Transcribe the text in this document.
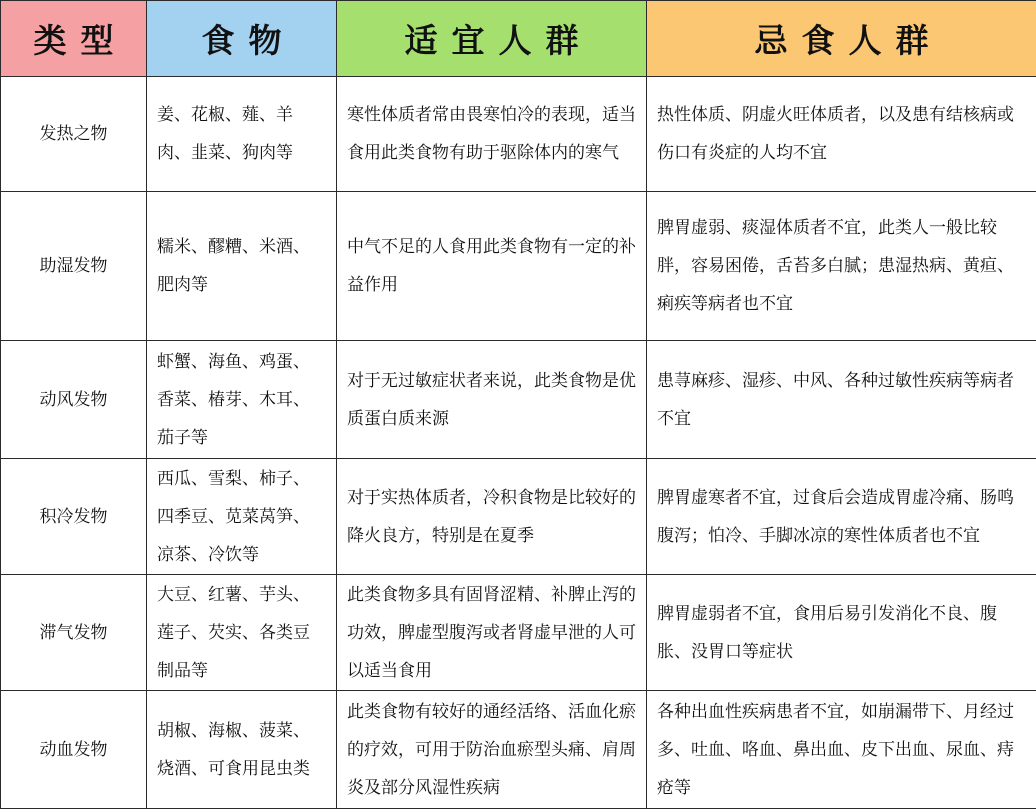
类型	食物	适宜人群	忌食人群
发热之物	姜、花椒、薤、羊肉、韭菜、狗肉等	寒性体质者常由畏寒怕冷的表现，适当食用此类食物有助于驱除体内的寒气	热性体质、阴虚火旺体质者，以及患有结核病或伤口有炎症的人均不宜
助湿发物	糯米、醪糟、米酒、肥肉等	中气不足的人食用此类食物有一定的补益作用	脾胃虚弱、痰湿体质者不宜，此类人一般比较胖，容易困倦，舌苔多白腻；患湿热病、黄疸、痢疾等病者也不宜
动风发物	虾蟹、海鱼、鸡蛋、香菜、椿芽、木耳、茄子等	对于无过敏症状者来说，此类食物是优质蛋白质来源	患荨麻疹、湿疹、中风、各种过敏性疾病等病者不宜
积冷发物	西瓜、雪梨、柿子、四季豆、苋菜莴笋、凉茶、冷饮等	对于实热体质者，冷积食物是比较好的降火良方，特别是在夏季	脾胃虚寒者不宜，过食后会造成胃虚冷痛、肠鸣腹泻；怕冷、手脚冰凉的寒性体质者也不宜
滞气发物	大豆、红薯、芋头、莲子、芡实、各类豆制品等	此类食物多具有固肾涩精、补脾止泻的功效，脾虚型腹泻或者肾虚早泄的人可以适当食用	脾胃虚弱者不宜，食用后易引发消化不良、腹胀、没胃口等症状
动血发物	胡椒、海椒、菠菜、烧酒、可食用昆虫类	此类食物有较好的通经活络、活血化瘀的疗效，可用于防治血瘀型头痛、肩周炎及部分风湿性疾病	各种出血性疾病患者不宜，如崩漏带下、月经过多、吐血、咯血、鼻出血、皮下出血、尿血、痔疮等
